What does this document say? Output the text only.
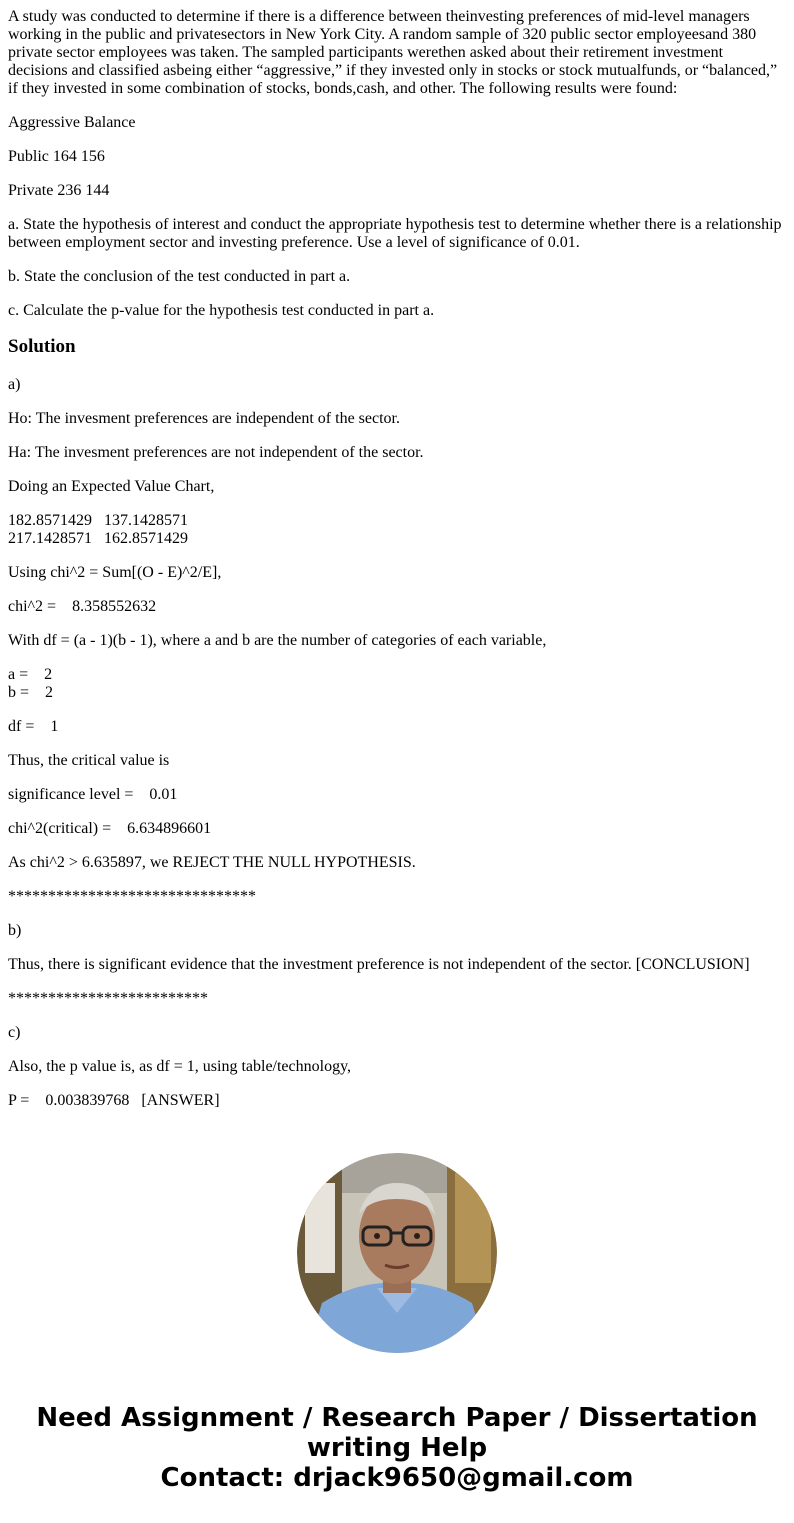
A study was conducted to determine if there is a difference between theinvesting preferences of mid-level managers working in the public and privatesectors in New York City. A random sample of 320 public sector employeesand 380 private sector employees was taken. The sampled participants werethen asked about their retirement investment decisions and classified asbeing either “aggressive,” if they invested only in stocks or stock mutualfunds, or “balanced,” if they invested in some combination of stocks, bonds,cash, and other. The following results were found:

Aggressive Balance

Public 164 156

Private 236 144

a. State the hypothesis of interest and conduct the appropriate hypothesis test to determine whether there is a relationship between employment sector and investing preference. Use a level of significance of 0.01.

b. State the conclusion of the test conducted in part a.

c. Calculate the p-value for the hypothesis test conducted in part a.

Solution

a)

Ho: The invesment preferences are independent of the sector.

Ha: The invesment preferences are not independent of the sector.

Doing an Expected Value Chart,

182.8571429   137.1428571
217.1428571   162.8571429

Using chi^2 = Sum[(O - E)^2/E],

chi^2 =    8.358552632

With df = (a - 1)(b - 1), where a and b are the number of categories of each variable,

a =    2
b =    2

df =    1

Thus, the critical value is

significance level =    0.01

chi^2(critical) =    6.634896601

As chi^2 > 6.635897, we REJECT THE NULL HYPOTHESIS.

*******************************

b)

Thus, there is significant evidence that the investment preference is not independent of the sector. [CONCLUSION]

*************************

c)

Also, the p value is, as df = 1, using table/technology,

P =    0.003839768   [ANSWER]

Need Assignment / Research Paper / Dissertation
writing Help
Contact: drjack9650@gmail.com
